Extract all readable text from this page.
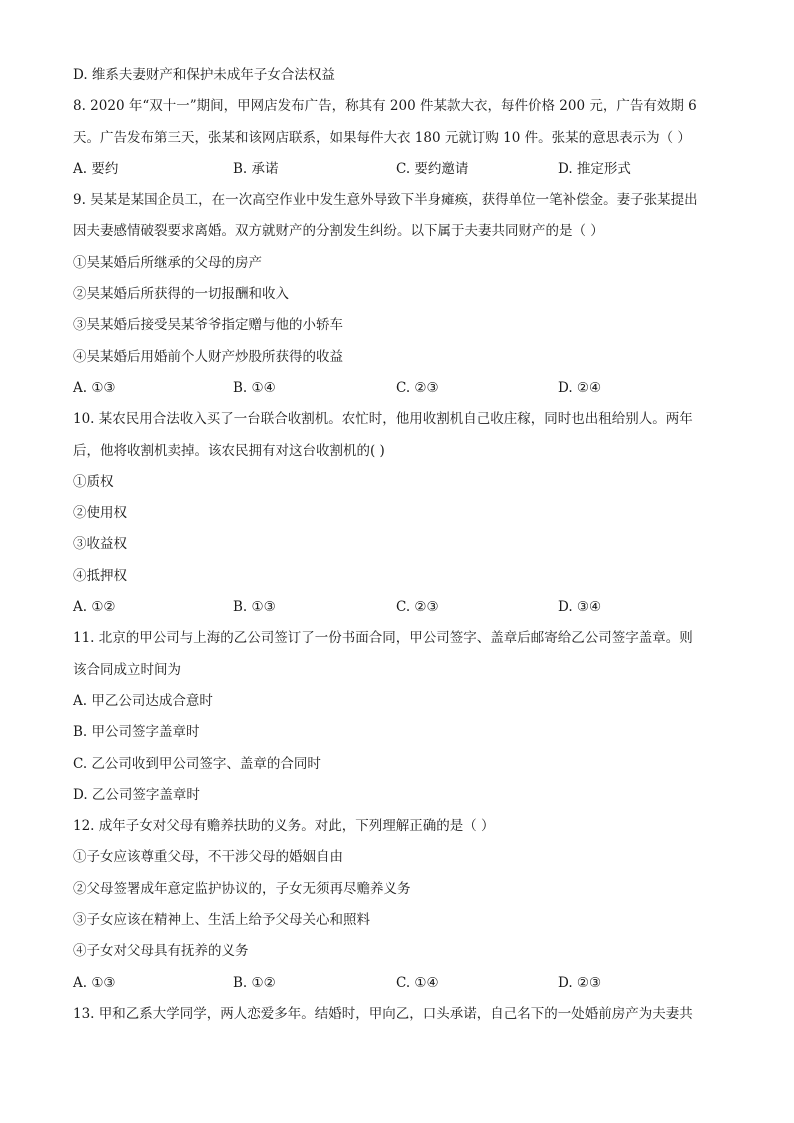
D. 维系夫妻财产和保护未成年子女合法权益
8. 2020 年“双十一”期间，甲网店发布广告，称其有 200 件某款大衣，每件价格 200 元，广告有效期 6
天。广告发布第三天，张某和该网店联系，如果每件大衣 180 元就订购 10 件。张某的意思表示为（ ）
A. 要约	B. 承诺	C. 要约邀请	D. 推定形式
9. 吴某是某国企员工，在一次高空作业中发生意外导致下半身瘫痪，获得单位一笔补偿金。妻子张某提出
因夫妻感情破裂要求离婚。双方就财产的分割发生纠纷。以下属于夫妻共同财产的是（ ）
①吴某婚后所继承的父母的房产
②吴某婚后所获得的一切报酬和收入
③吴某婚后接受吴某爷爷指定赠与他的小轿车
④吴某婚后用婚前个人财产炒股所获得的收益
A. ①③	B. ①④	C. ②③	D. ②④
10. 某农民用合法收入买了一台联合收割机。农忙时，他用收割机自己收庄稼，同时也出租给别人。两年
后，他将收割机卖掉。该农民拥有对这台收割机的( )
①质权
②使用权
③收益权
④抵押权
A. ①②	B. ①③	C. ②③	D. ③④
11. 北京的甲公司与上海的乙公司签订了一份书面合同，甲公司签字、盖章后邮寄给乙公司签字盖章。则
该合同成立时间为
A. 甲乙公司达成合意时
B. 甲公司签字盖章时
C. 乙公司收到甲公司签字、盖章的合同时
D. 乙公司签字盖章时
12. 成年子女对父母有赡养扶助的义务。对此，下列理解正确的是（ ）
①子女应该尊重父母，不干涉父母的婚姻自由
②父母签署成年意定监护协议的，子女无须再尽赡养义务
③子女应该在精神上、生活上给予父母关心和照料
④子女对父母具有抚养的义务
A. ①③	B. ①②	C. ①④	D. ②③
13. 甲和乙系大学同学，两人恋爱多年。结婚时，甲向乙，口头承诺，自己名下的一处婚前房产为夫妻共
